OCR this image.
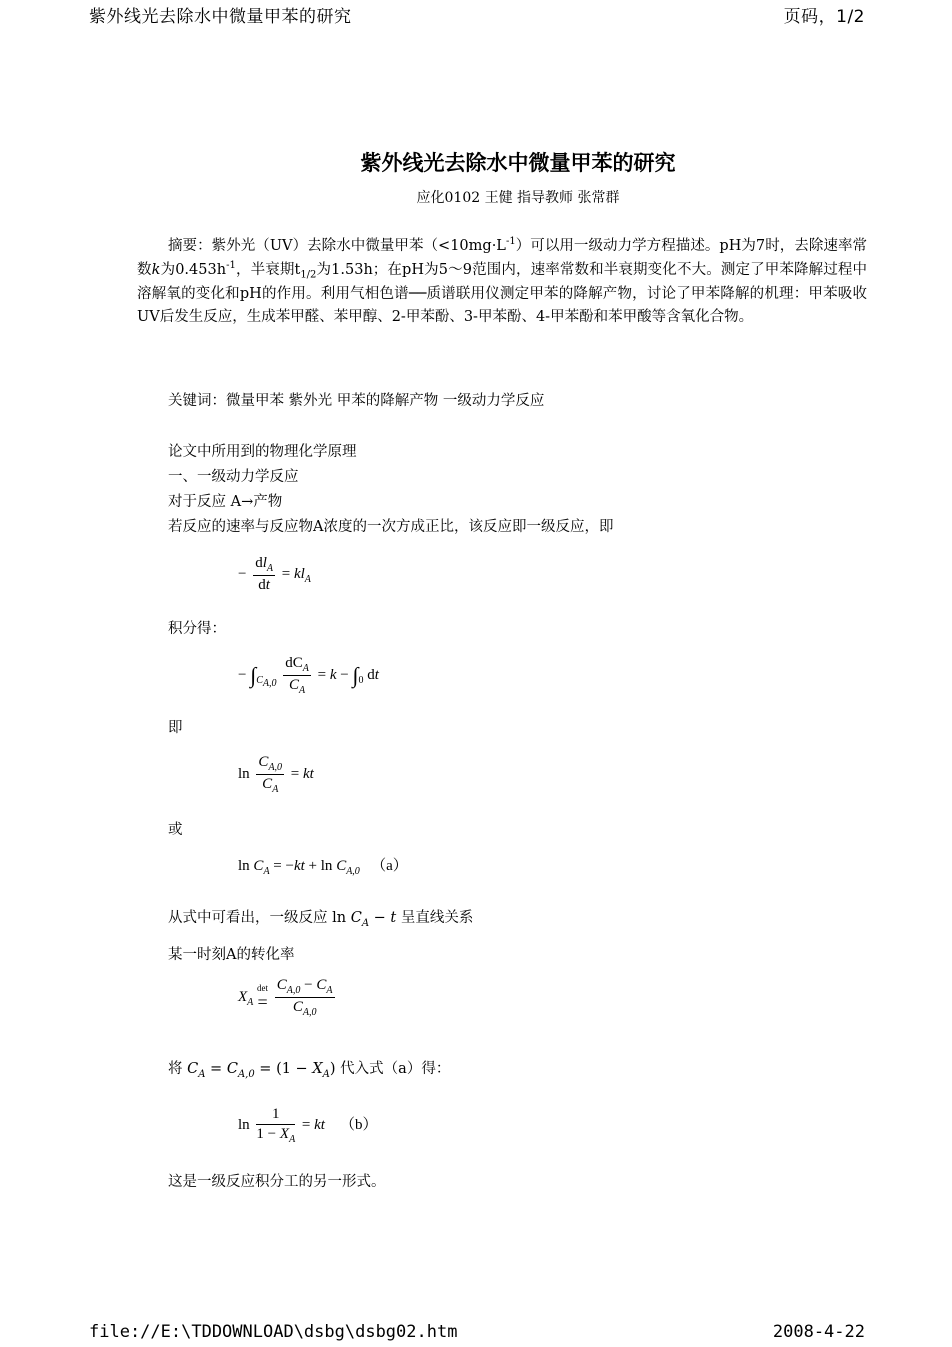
紫外线光去除水中微量甲苯的研究	页码，1/2
紫外线光去除水中微量甲苯的研究
应化0102 王健 指导教师 张常群

摘要：紫外光（UV）去除水中微量甲苯$(<10mg\cdot L^{-1})$可以用一级动力学方程描述。pH为7时，去除速率常数k为$0.453h^{-1}$，半衰期$t_{1/2}$为1.53h；在pH为5～9范围内，速率常数和半衰期变化不大。测定了甲苯降解过程中溶解氧的变化和pH的作用。利用气相色谱──质谱联用仪测定甲苯的降解产物，讨论了甲苯降解的机理：甲苯吸收UV后发生反应，生成苯甲醛、苯甲醇、2-甲苯酚、3-甲苯酚、4-甲苯酚和苯甲酸等含氧化合物。

关键词：微量甲苯 紫外光 甲苯的降解产物 一级动力学反应
论文中所用到的物理化学原理
一、一级动力学反应
对于反应 A→产物
若反应的速率与反应物A浓度的一次方成正比，该反应即一级反应，即
− $\frac{dl_A}{dt} = kl_A$
积分得：
− $\int_{C_{A,0}} \frac{dC_A}{C_A} = k - \int_0$ dt
即
$\ln \frac{C_{A,0}}{C_A}$ = kt
或
$\ln C_A = -kt + \ln C_{A,0}$ （a）
从式中可看出，一级反应 $\ln C_A - t$ 呈直线关系
某一时刻A的转化率
$X_A$ det
= $\frac{C_{A,0} - C_A}{C_{A,0}}$
将 $C_A = C_{A,0} = (1 - X_A)$ 代入式（a）得：
$\ln \frac{1}{1 - X_A}$ = kt （b）
这是一级反应积分工的另一形式。
file://E:\TDDOWNLOAD\dsbg\dsbg02.htm	2008-4-22
